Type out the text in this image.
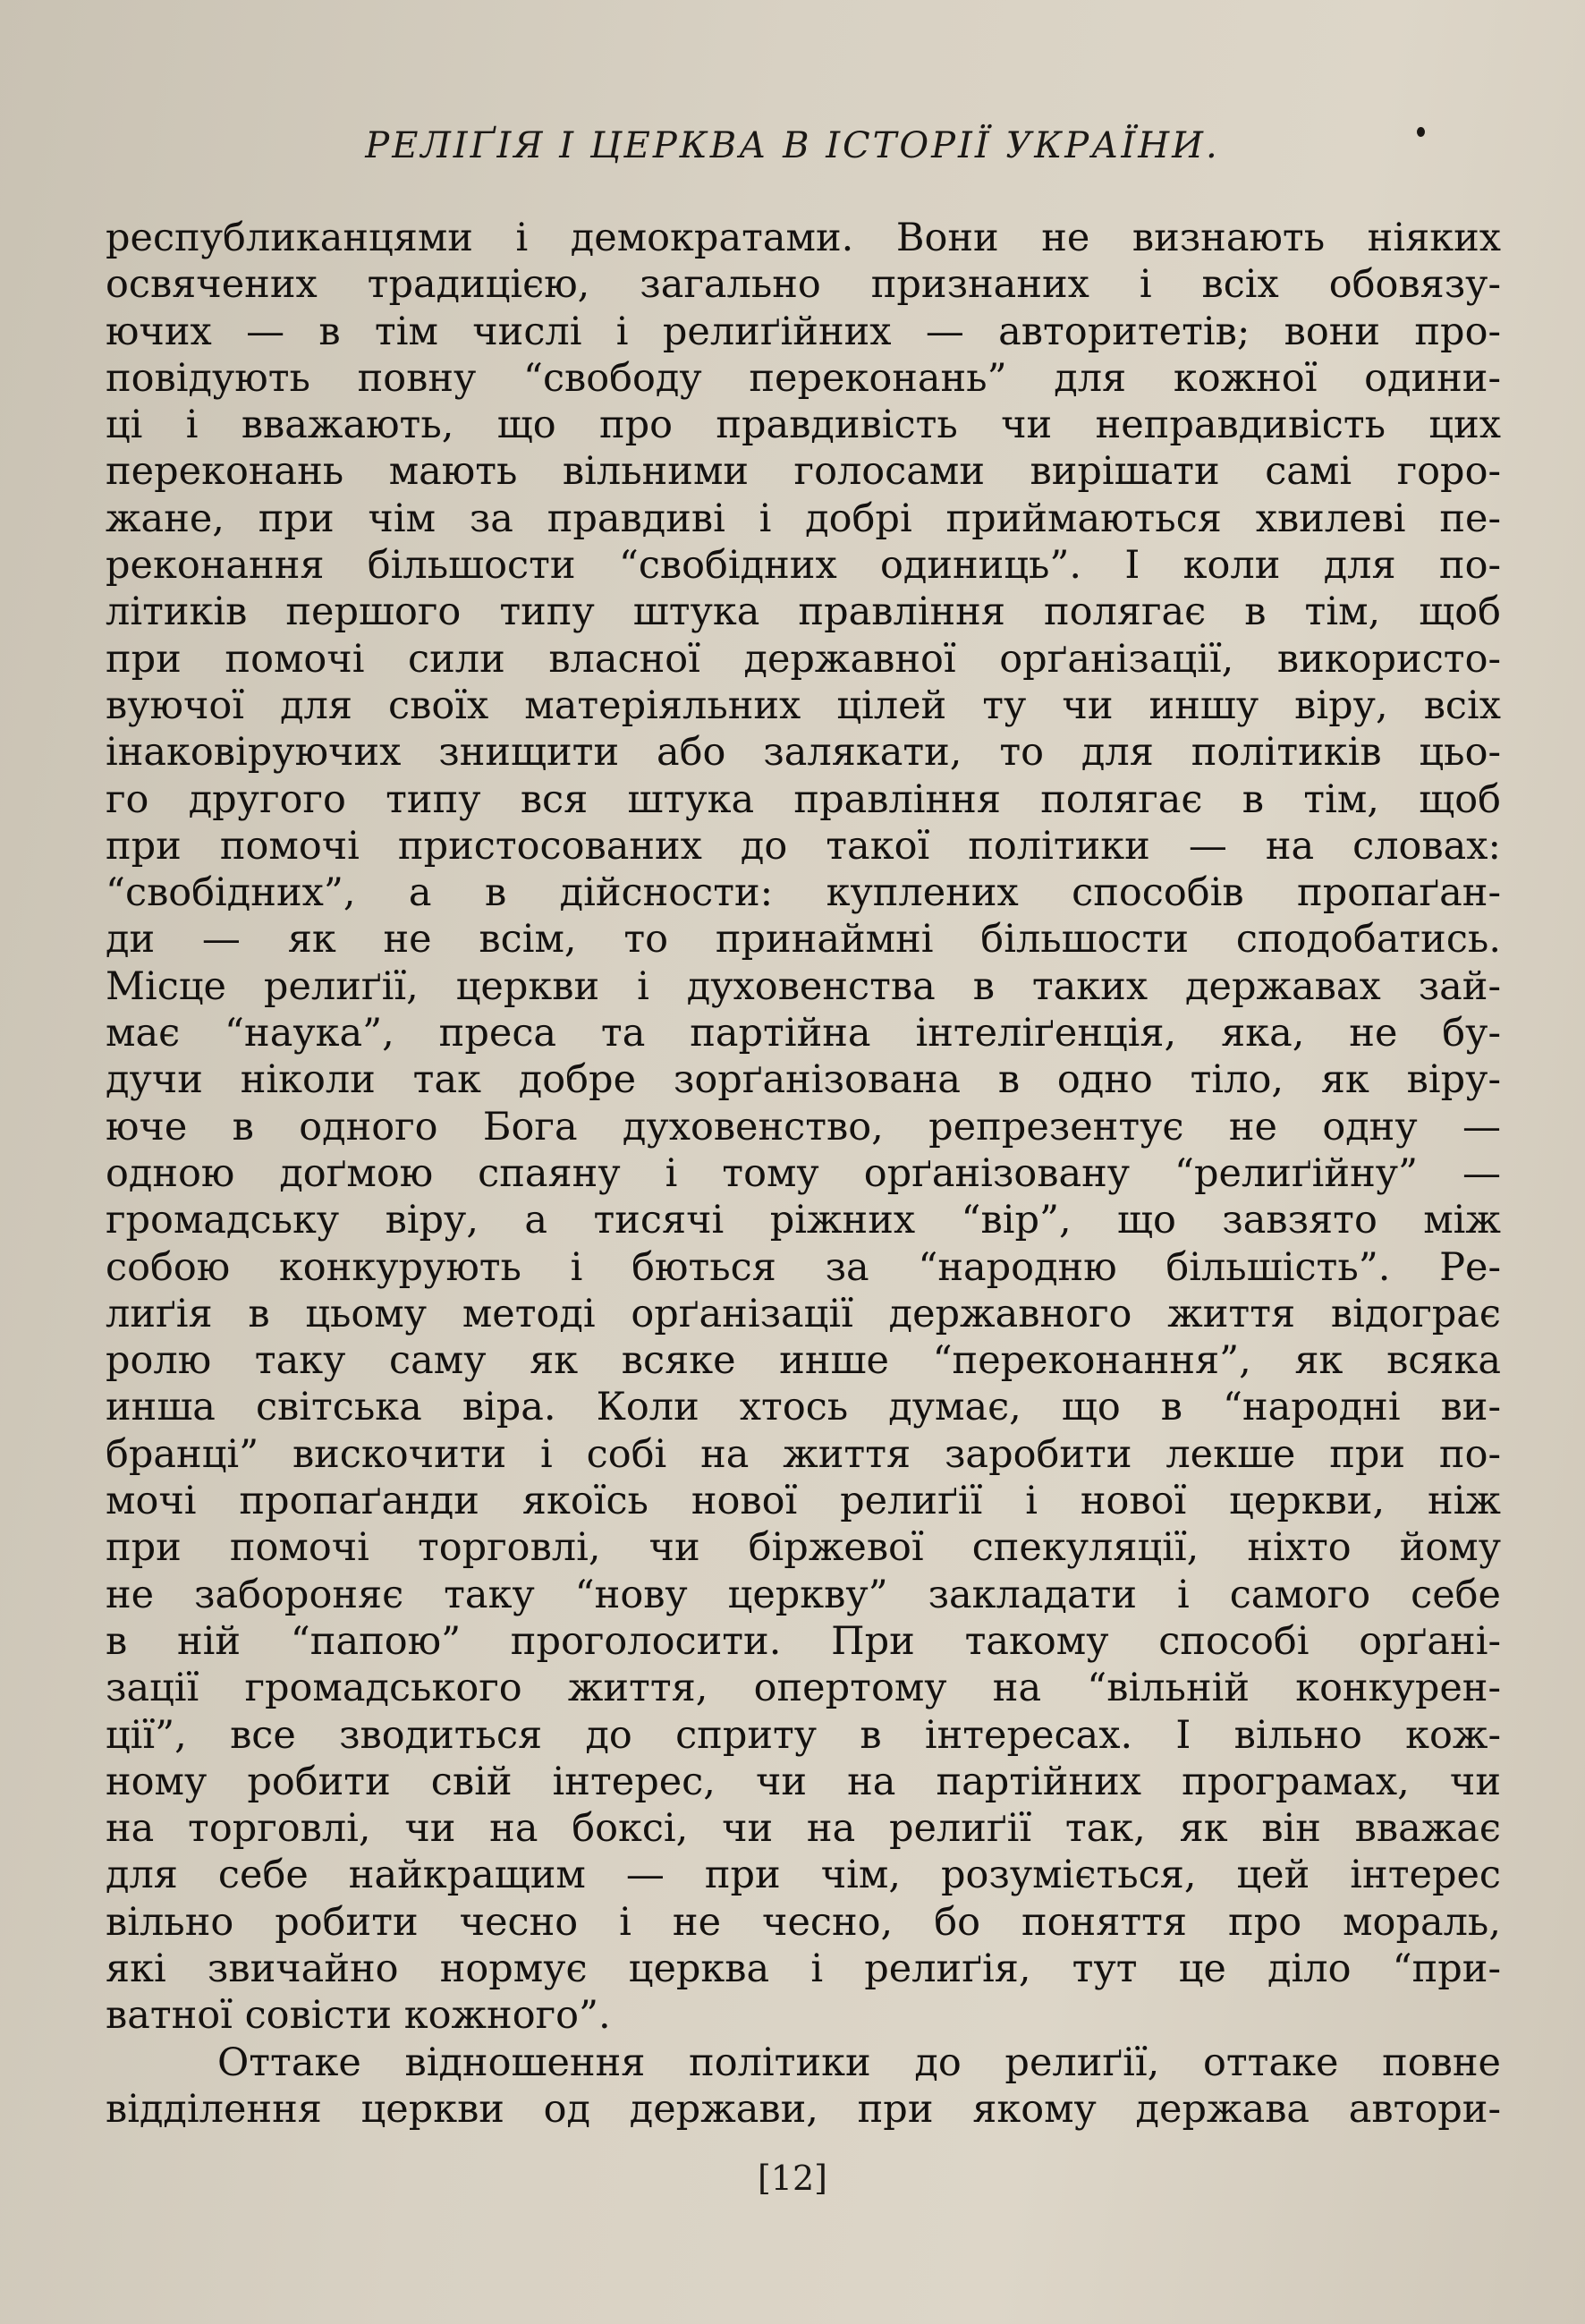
РЕЛІҐІЯ І ЦЕРКВА В ІСТОРІЇ УКРАЇНИ.
республиканцями і демократами. Вони не визнають ніяких
освячених традицією, загально признаних і всіх обовязу-
ючих — в тім числі і релиґійних — авторитетів; вони про-
повідують повну “свободу переконань” для кожної одини-
ці і вважають, що про правдивість чи неправдивість цих
переконань мають вільними голосами вирішати самі горо-
жане, при чім за правдиві і добрі приймаються хвилеві пе-
реконання більшости “свобідних одиниць”. І коли для по-
літиків першого типу штука правління полягає в тім, щоб
при помочі сили власної державної орґанізації, використо-
вуючої для своїх матеріяльних цілей ту чи иншу віру, всіх
інаковіруючих знищити або залякати, то для політиків цьо-
го другого типу вся штука правління полягає в тім, щоб
при помочі пристосованих до такої політики — на словах:
“свобідних”, а в дійсности: куплених способів пропаґан-
ди — як не всім, то принаймні більшости сподобатись.
Місце релиґії, церкви і духовенства в таких державах зай-
має “наука”, преса та партійна інтеліґенція, яка, не бу-
дучи ніколи так добре зорґанізована в одно тіло, як віру-
юче в одного Бога духовенство, репрезентує не одну —
одною доґмою спаяну і тому орґанізовану “релиґійну” —
громадську віру, а тисячі ріжних “вір”, що завзято між
собою конкурують і бються за “народню більшість”. Ре-
лиґія в цьому методі орґанізації державного життя відограє
ролю таку саму як всяке инше “переконання”, як всяка
инша світська віра. Коли хтось думає, що в “народні ви-
бранці” вискочити і собі на життя заробити лекше при по-
мочі пропаґанди якоїсь нової релиґії і нової церкви, ніж
при помочі торговлі, чи біржевої спекуляції, ніхто йому
не забороняє таку “нову церкву” закладати і самого себе
в ній “папою” проголосити. При такому способі орґані-
зації громадського життя, опертому на “вільній конкурен-
ції”, все зводиться до сприту в інтересах. І вільно кож-
ному робити свій інтерес, чи на партійних програмах, чи
на торговлі, чи на боксі, чи на релиґії так, як він вважає
для себе найкращим — при чім, розуміється, цей інтерес
вільно робити чесно і не чесно, бо поняття про мораль,
які звичайно нормує церква і релиґія, тут це діло “при-
ватної совісти кожного”.
Оттаке відношення політики до релиґії, оттаке повне
відділення церкви од держави, при якому держава автори-
[12]
